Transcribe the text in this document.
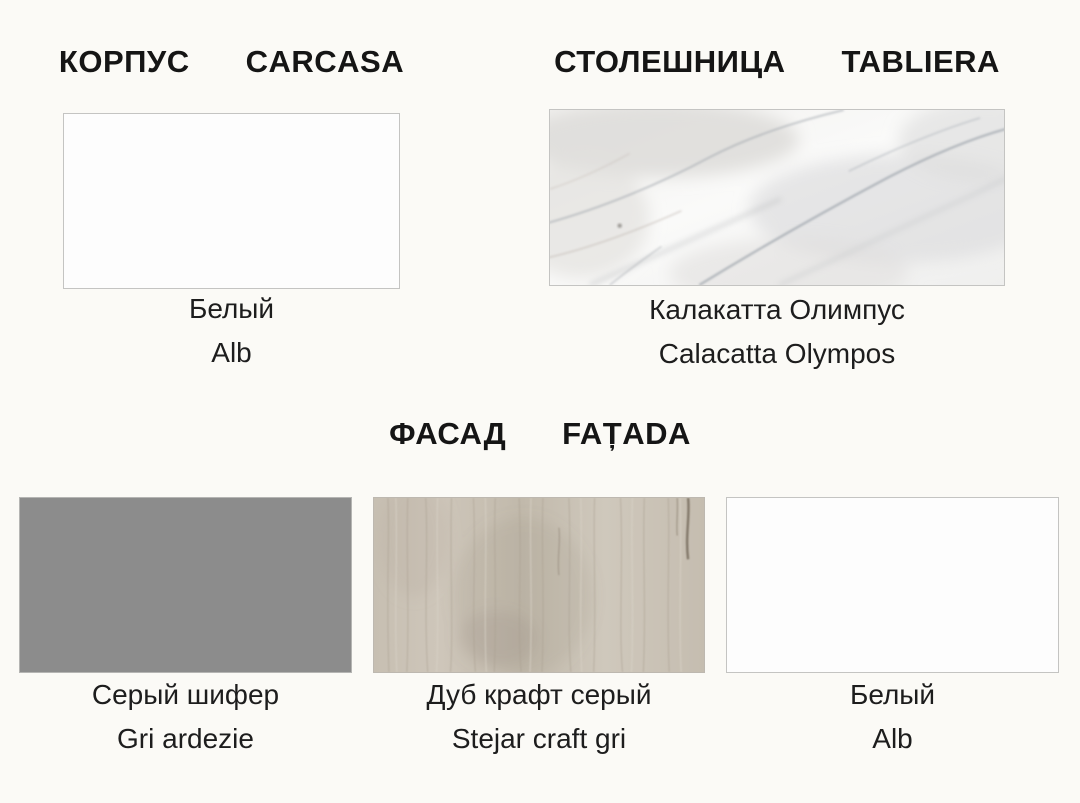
КОРПУС CARCASA
Белый
Alb
СТОЛЕШНИЦА TABLIERA
Калакатта Олимпус
Calacatta Olympos
ФАСАД FAȚADA
Серый шифер
Gri ardezie
Дуб крафт серый
Stejar craft gri
Белый
Alb
